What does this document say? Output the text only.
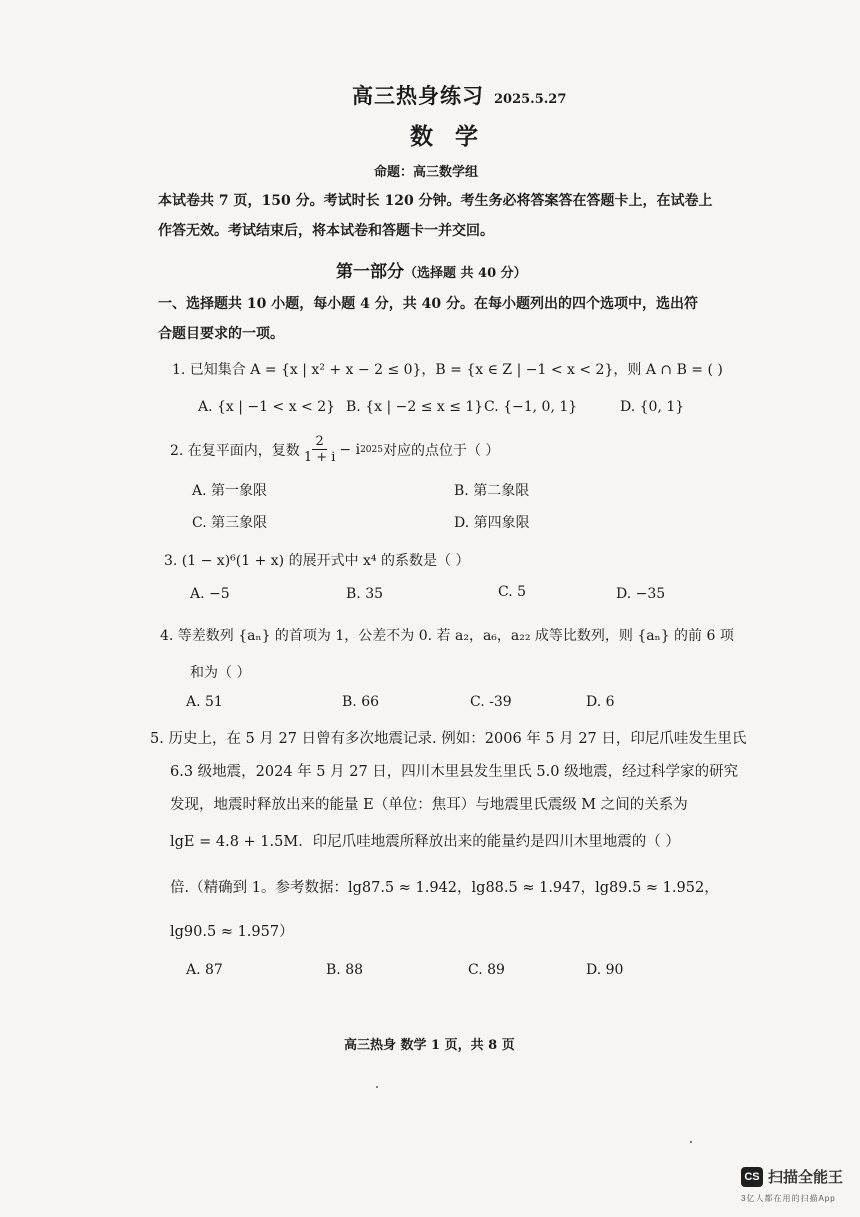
高三热身练习 2025.5.27
数学
命题：高三数学组
本试卷共 7 页，150 分。考试时长 120 分钟。考生务必将答案答在答题卡上，在试卷上
作答无效。考试结束后，将本试卷和答题卡一并交回。
第一部分（选择题 共 40 分）
一、选择题共 10 小题，每小题 4 分，共 40 分。在每小题列出的四个选项中，选出符
合题目要求的一项。
1. 已知集合 A = {x | x² + x − 2 ≤ 0}，B = {x ∈ Z | −1 < x < 2}，则 A ∩ B = ( )
A. {x | −1 < x < 2} B. {x | −2 ≤ x ≤ 1} C. {−1, 0, 1}	D. {0, 1}
2. 在复平面内，复数 $\frac{2}{1 + i} - i$ 2025 对应的点位于（ ）
A. 第一象限	B. 第二象限
C. 第三象限	D. 第四象限
3. (1 − x)⁶(1 + x) 的展开式中 x⁴ 的系数是（ ）
A. −5	B. 35	C. 5	D. −35
4. 等差数列 {aₙ} 的首项为 1，公差不为 0. 若 a₂，a₆，a₂₂ 成等比数列，则 {aₙ} 的前 6 项
和为（ ）
A. 51	B. 66	C. -39	D. 6
5. 历史上，在 5 月 27 日曾有多次地震记录. 例如：2006 年 5 月 27 日，印尼爪哇发生里氏
6.3 级地震，2024 年 5 月 27 日，四川木里县发生里氏 5.0 级地震，经过科学家的研究
发现，地震时释放出来的能量 E（单位：焦耳）与地震里氏震级 M 之间的关系为
lgE = 4.8 + 1.5M．印尼爪哇地震所释放出来的能量约是四川木里地震的（ ）
倍.（精确到 1。参考数据：lg87.5 ≈ 1.942，lg88.5 ≈ 1.947，lg89.5 ≈ 1.952，
lg90.5 ≈ 1.957）
A. 87	B. 88	C. 89	D. 90
高三热身 数学 1 页，共 8 页
CS 扫描全能王
3亿人都在用的扫描App
